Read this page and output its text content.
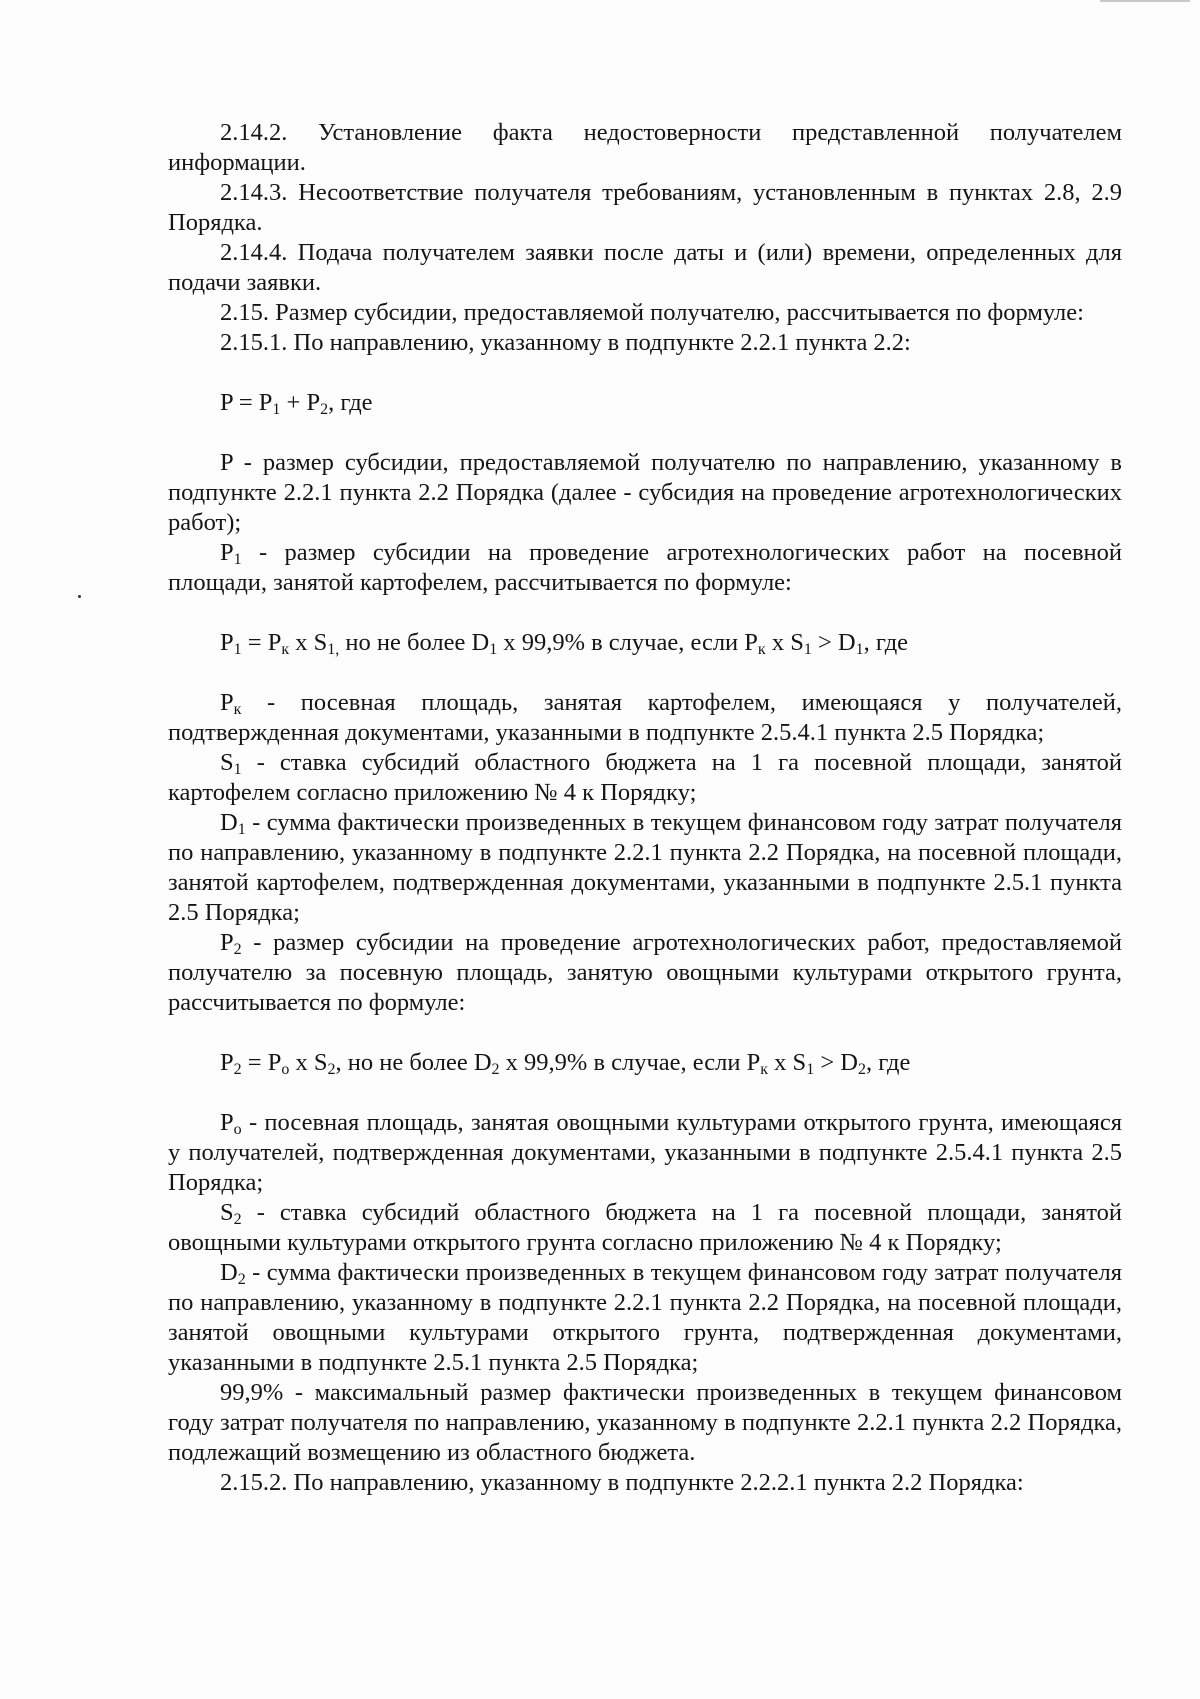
2.14.2. Установление факта недостоверности представленной получателем информации.

2.14.3. Несоответствие получателя требованиям, установленным в пунктах 2.8, 2.9 Порядка.

2.14.4. Подача получателем заявки после даты и (или) времени, определенных для подачи заявки.

2.15. Размер субсидии, предоставляемой получателю, рассчитывается по формуле:

2.15.1. По направлению, указанному в подпункте 2.2.1 пункта 2.2:

$P = P_1 + P_2$, где

P - размер субсидии, предоставляемой получателю по направлению, указанному в подпункте 2.2.1 пункта 2.2 Порядка (далее - субсидия на проведение агротехнологических работ);

$P_1$ - размер субсидии на проведение агротехнологических работ на посевной площади, занятой картофелем, рассчитывается по формуле:

$P_1 = P_к$ x $S_{1,}$ но не более $D_1$ x 99,9% в случае, если $P_к$ x $S_1 > D_1$, где

$P_к$ - посевная площадь, занятая картофелем, имеющаяся у получателей, подтвержденная документами, указанными в подпункте 2.5.4.1 пункта 2.5 Порядка;

$S_1$ - ставка субсидий областного бюджета на 1 га посевной площади, занятой картофелем согласно приложению № 4 к Порядку;

$D_1$ - сумма фактически произведенных в текущем финансовом году затрат получателя по направлению, указанному в подпункте 2.2.1 пункта 2.2 Порядка, на посевной площади, занятой картофелем, подтвержденная документами, указанными в подпункте 2.5.1 пункта 2.5 Порядка;

$P_2$ - размер субсидии на проведение агротехнологических работ, предоставляемой получателю за посевную площадь, занятую овощными культурами открытого грунта, рассчитывается по формуле:

$P_2 = P_o$ x $S_2$, но не более $D_2$ x 99,9% в случае, если $P_к$ x $S_1 > D_2$, где

$P_o$ - посевная площадь, занятая овощными культурами открытого грунта, имеющаяся у получателей, подтвержденная документами, указанными в подпункте 2.5.4.1 пункта 2.5 Порядка;

$S_2$ - ставка субсидий областного бюджета на 1 га посевной площади, занятой овощными культурами открытого грунта согласно приложению № 4 к Порядку;

$D_2$ - сумма фактически произведенных в текущем финансовом году затрат получателя по направлению, указанному в подпункте 2.2.1 пункта 2.2 Порядка, на посевной площади, занятой овощными культурами открытого грунта, подтвержденная документами, указанными в подпункте 2.5.1 пункта 2.5 Порядка;

99,9% - максимальный размер фактически произведенных в текущем финансовом году затрат получателя по направлению, указанному в подпункте 2.2.1 пункта 2.2 Порядка, подлежащий возмещению из областного бюджета.

2.15.2. По направлению, указанному в подпункте 2.2.2.1 пункта 2.2 Порядка:
